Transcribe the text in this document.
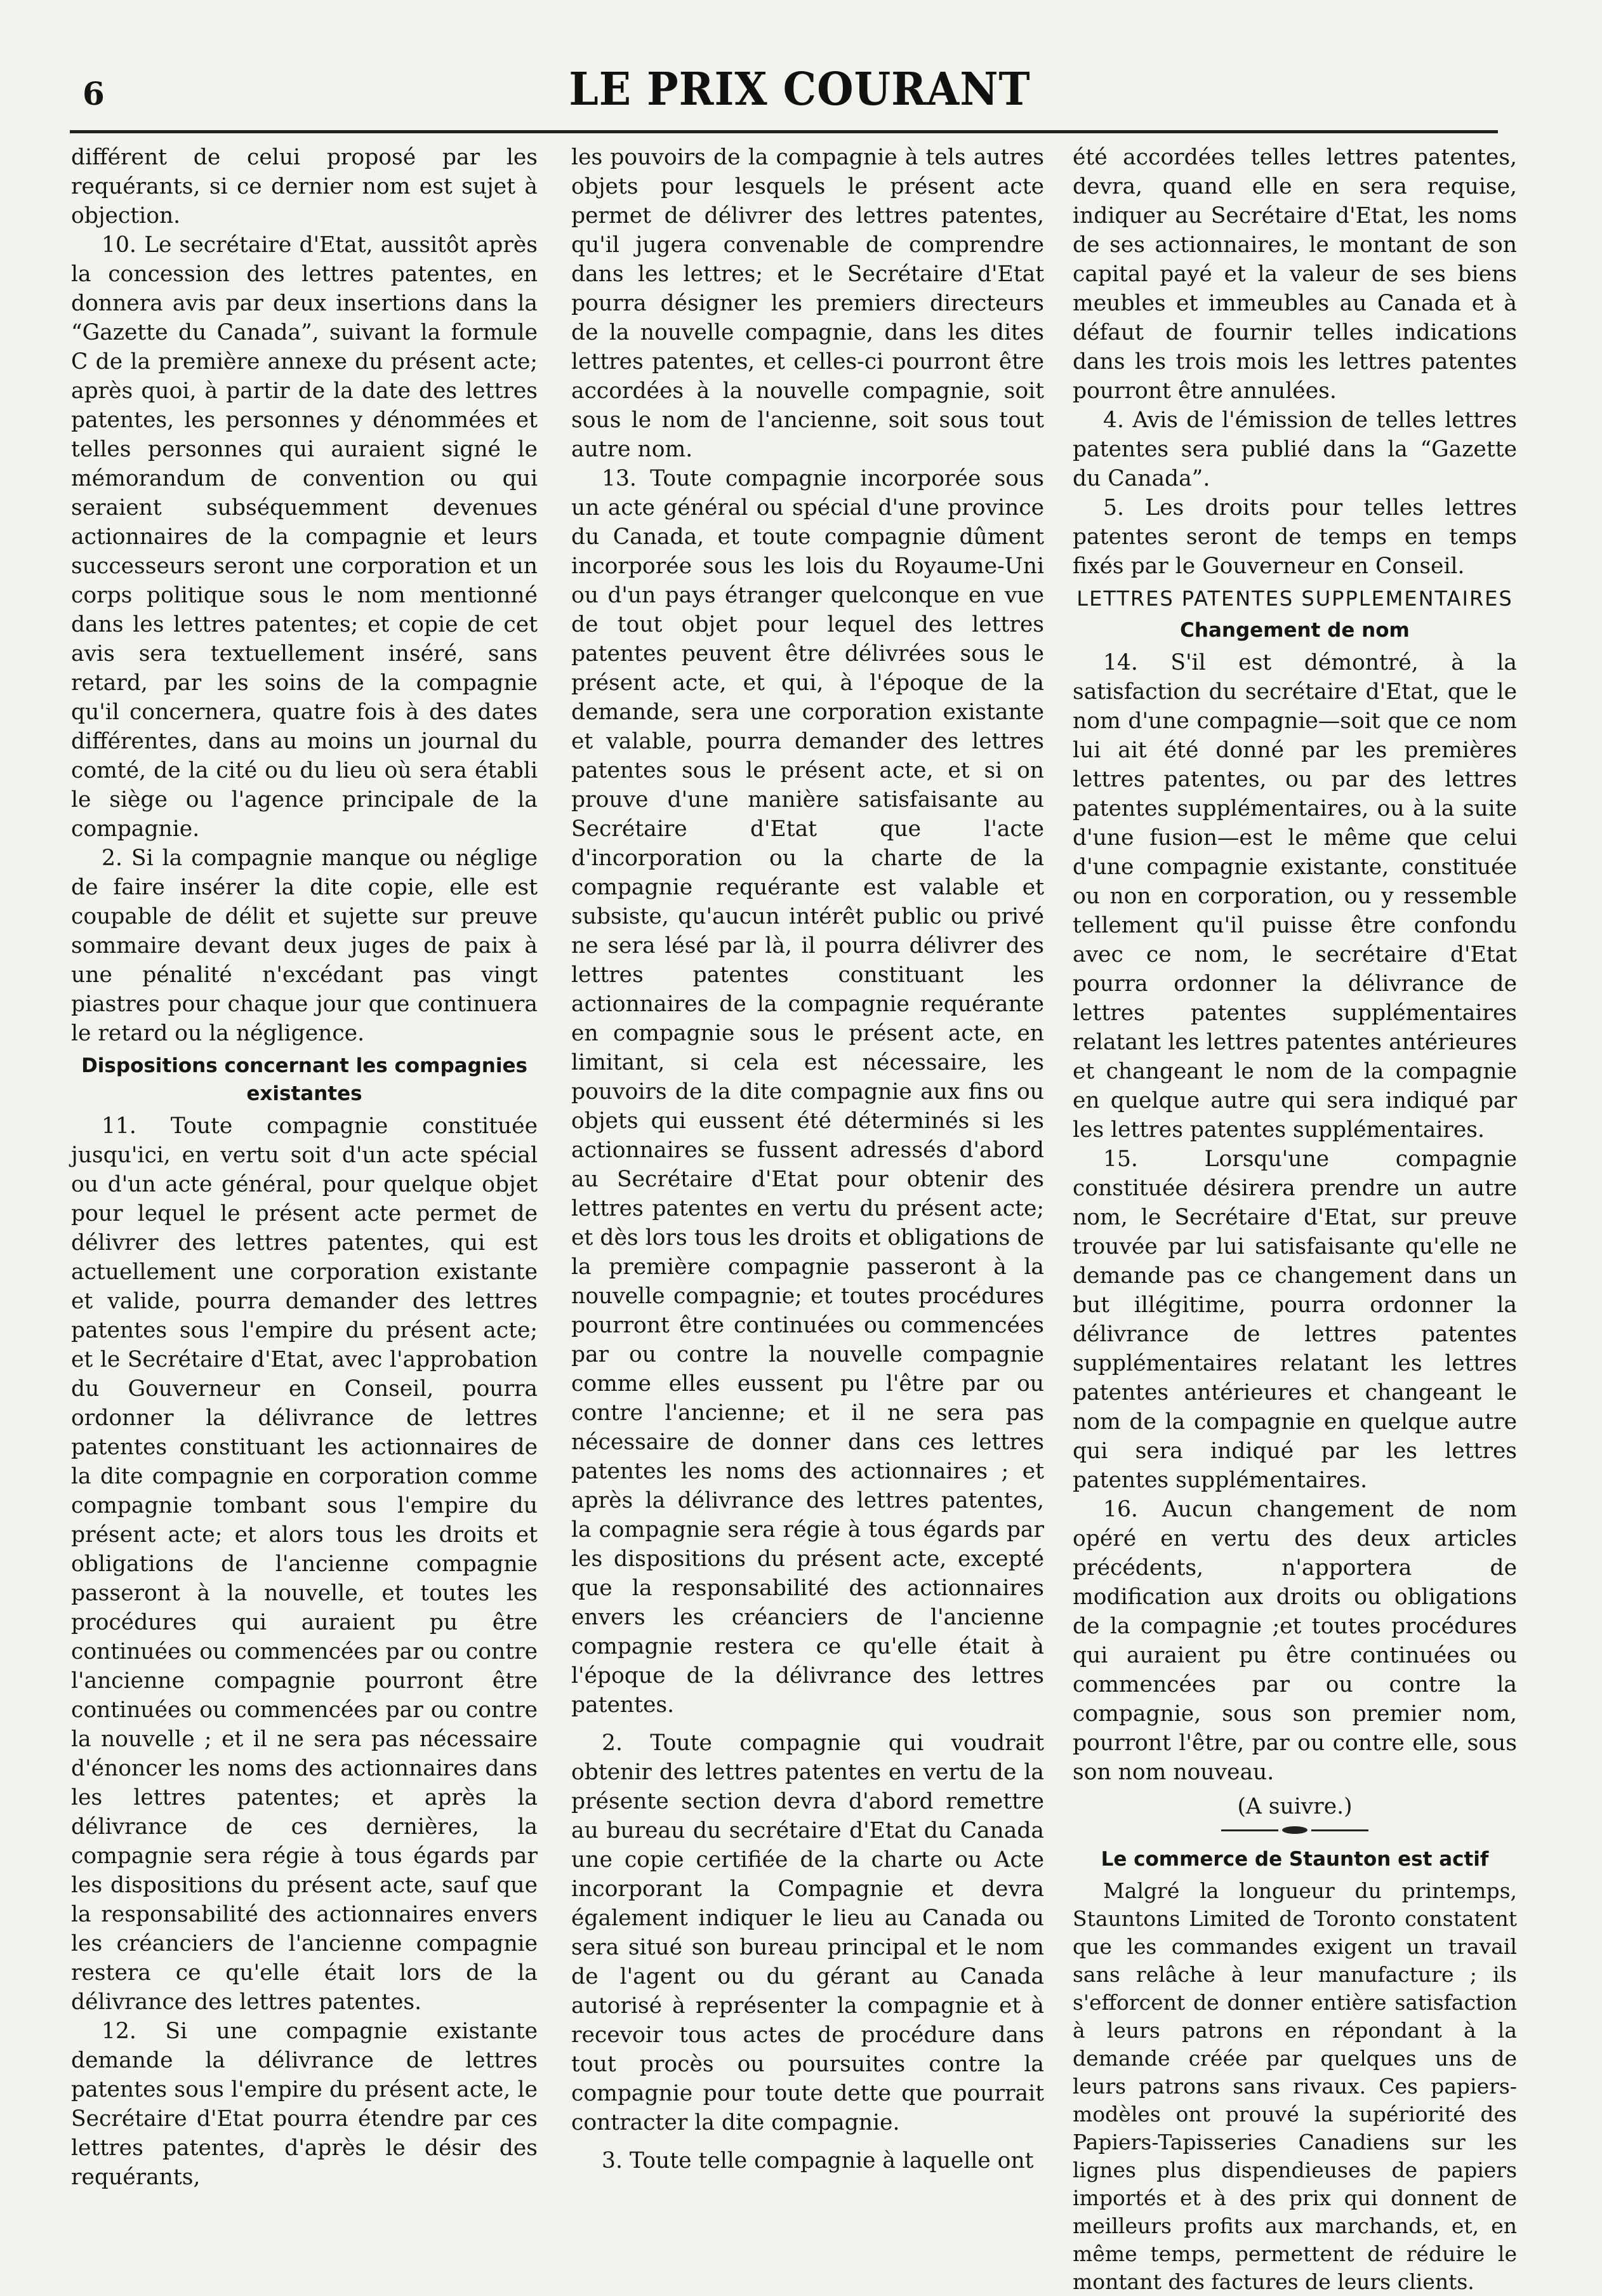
6	LE PRIX COURANT

différent de celui proposé par les requérants, si ce dernier nom est sujet à objection.

10. Le secrétaire d'Etat, aussitôt après la concession des lettres patentes, en donnera avis par deux insertions dans la “Gazette du Canada”, suivant la formule C de la première annexe du présent acte; après quoi, à partir de la date des lettres patentes, les personnes y dénommées et telles personnes qui auraient signé le mémorandum de convention ou qui seraient subséquemment devenues actionnaires de la compagnie et leurs successeurs seront une corporation et un corps politique sous le nom mentionné dans les lettres patentes; et copie de cet avis sera textuellement inséré, sans retard, par les soins de la compagnie qu'il concernera, quatre fois à des dates différentes, dans au moins un journal du comté, de la cité ou du lieu où sera établi le siège ou l'agence principale de la compagnie.

2. Si la compagnie manque ou néglige de faire insérer la dite copie, elle est coupable de délit et sujette sur preuve sommaire devant deux juges de paix à une pénalité n'excédant pas vingt piastres pour chaque jour que continuera le retard ou la négligence.

Dispositions concernant les compagnies existantes

11. Toute compagnie constituée jusqu'ici, en vertu soit d'un acte spécial ou d'un acte général, pour quelque objet pour lequel le présent acte permet de délivrer des lettres patentes, qui est actuellement une corporation existante et valide, pourra demander des lettres patentes sous l'empire du présent acte; et le Secrétaire d'Etat, avec l'approbation du Gouverneur en Conseil, pourra ordonner la délivrance de lettres patentes constituant les actionnaires de la dite compagnie en corporation comme compagnie tombant sous l'empire du présent acte; et alors tous les droits et obligations de l'ancienne compagnie passeront à la nouvelle, et toutes les procédures qui auraient pu être continuées ou commencées par ou contre l'ancienne compagnie pourront être continuées ou commencées par ou contre la nouvelle ; et il ne sera pas nécessaire d'énoncer les noms des actionnaires dans les lettres patentes; et après la délivrance de ces dernières, la compagnie sera régie à tous égards par les dispositions du présent acte, sauf que la responsabilité des actionnaires envers les créanciers de l'ancienne compagnie restera ce qu'elle était lors de la délivrance des lettres patentes.

12. Si une compagnie existante demande la délivrance de lettres patentes sous l'empire du présent acte, le Secrétaire d'Etat pourra étendre par ces lettres patentes, d'après le désir des requérants,

les pouvoirs de la compagnie à tels autres objets pour lesquels le présent acte permet de délivrer des lettres patentes, qu'il jugera convenable de comprendre dans les lettres; et le Secrétaire d'Etat pourra désigner les premiers directeurs de la nouvelle compagnie, dans les dites lettres patentes, et celles-ci pourront être accordées à la nouvelle compagnie, soit sous le nom de l'ancienne, soit sous tout autre nom.

13. Toute compagnie incorporée sous un acte général ou spécial d'une province du Canada, et toute compagnie dûment incorporée sous les lois du Royaume-Uni ou d'un pays étranger quelconque en vue de tout objet pour lequel des lettres patentes peuvent être délivrées sous le présent acte, et qui, à l'époque de la demande, sera une corporation existante et valable, pourra demander des lettres patentes sous le présent acte, et si on prouve d'une manière satisfaisante au Secrétaire d'Etat que l'acte d'incorporation ou la charte de la compagnie requérante est valable et subsiste, qu'aucun intérêt public ou privé ne sera lésé par là, il pourra délivrer des lettres patentes constituant les actionnaires de la compagnie requérante en compagnie sous le présent acte, en limitant, si cela est nécessaire, les pouvoirs de la dite compagnie aux fins ou objets qui eussent été déterminés si les actionnaires se fussent adressés d'abord au Secrétaire d'Etat pour obtenir des lettres patentes en vertu du présent acte; et dès lors tous les droits et obligations de la première compagnie passeront à la nouvelle compagnie; et toutes procédures pourront être continuées ou commencées par ou contre la nouvelle compagnie comme elles eussent pu l'être par ou contre l'ancienne; et il ne sera pas nécessaire de donner dans ces lettres patentes les noms des actionnaires ; et après la délivrance des lettres patentes, la compagnie sera régie à tous égards par les dispositions du présent acte, excepté que la responsabilité des actionnaires envers les créanciers de l'ancienne compagnie restera ce qu'elle était à l'époque de la délivrance des lettres patentes.

2. Toute compagnie qui voudrait obtenir des lettres patentes en vertu de la présente section devra d'abord remettre au bureau du secrétaire d'Etat du Canada une copie certifiée de la charte ou Acte incorporant la Compagnie et devra également indiquer le lieu au Canada ou sera situé son bureau principal et le nom de l'agent ou du gérant au Canada autorisé à représenter la compagnie et à recevoir tous actes de procédure dans tout procès ou poursuites contre la compagnie pour toute dette que pourrait contracter la dite compagnie.

3. Toute telle compagnie à laquelle ont

été accordées telles lettres patentes, devra, quand elle en sera requise, indiquer au Secrétaire d'Etat, les noms de ses actionnaires, le montant de son capital payé et la valeur de ses biens meubles et immeubles au Canada et à défaut de fournir telles indications dans les trois mois les lettres patentes pourront être annulées.

4. Avis de l'émission de telles lettres patentes sera publié dans la “Gazette du Canada”.

5. Les droits pour telles lettres patentes seront de temps en temps fixés par le Gouverneur en Conseil.

LETTRES PATENTES SUPPLEMENTAIRES
Changement de nom

14. S'il est démontré, à la satisfaction du secrétaire d'Etat, que le nom d'une compagnie—soit que ce nom lui ait été donné par les premières lettres patentes, ou par des lettres patentes supplémentaires, ou à la suite d'une fusion—est le même que celui d'une compagnie existante, constituée ou non en corporation, ou y ressemble tellement qu'il puisse être confondu avec ce nom, le secrétaire d'Etat pourra ordonner la délivrance de lettres patentes supplémentaires relatant les lettres patentes antérieures et changeant le nom de la compagnie en quelque autre qui sera indiqué par les lettres patentes supplémentaires.

15. Lorsqu'une compagnie constituée désirera prendre un autre nom, le Secrétaire d'Etat, sur preuve trouvée par lui satisfaisante qu'elle ne demande pas ce changement dans un but illégitime, pourra ordonner la délivrance de lettres patentes supplémentaires relatant les lettres patentes antérieures et changeant le nom de la compagnie en quelque autre qui sera indiqué par les lettres patentes supplémentaires.

16. Aucun changement de nom opéré en vertu des deux articles précédents, n'apportera de modification aux droits ou obligations de la compagnie ;et toutes procédures qui auraient pu être continuées ou commencées par ou contre la compagnie, sous son premier nom, pourront l'être, par ou contre elle, sous son nom nouveau.

(A suivre.)
Le commerce de Staunton est actif

Malgré la longueur du printemps, Stauntons Limited de Toronto constatent que les commandes exigent un travail sans relâche à leur manufacture ; ils s'efforcent de donner entière satisfaction à leurs patrons en répondant à la demande créée par quelques uns de leurs patrons sans rivaux. Ces papiers-modèles ont prouvé la supériorité des Papiers-Tapisseries Canadiens sur les lignes plus dispendieuses de papiers importés et à des prix qui donnent de meilleurs profits aux marchands, et, en même temps, permettent de réduire le montant des factures de leurs clients.
